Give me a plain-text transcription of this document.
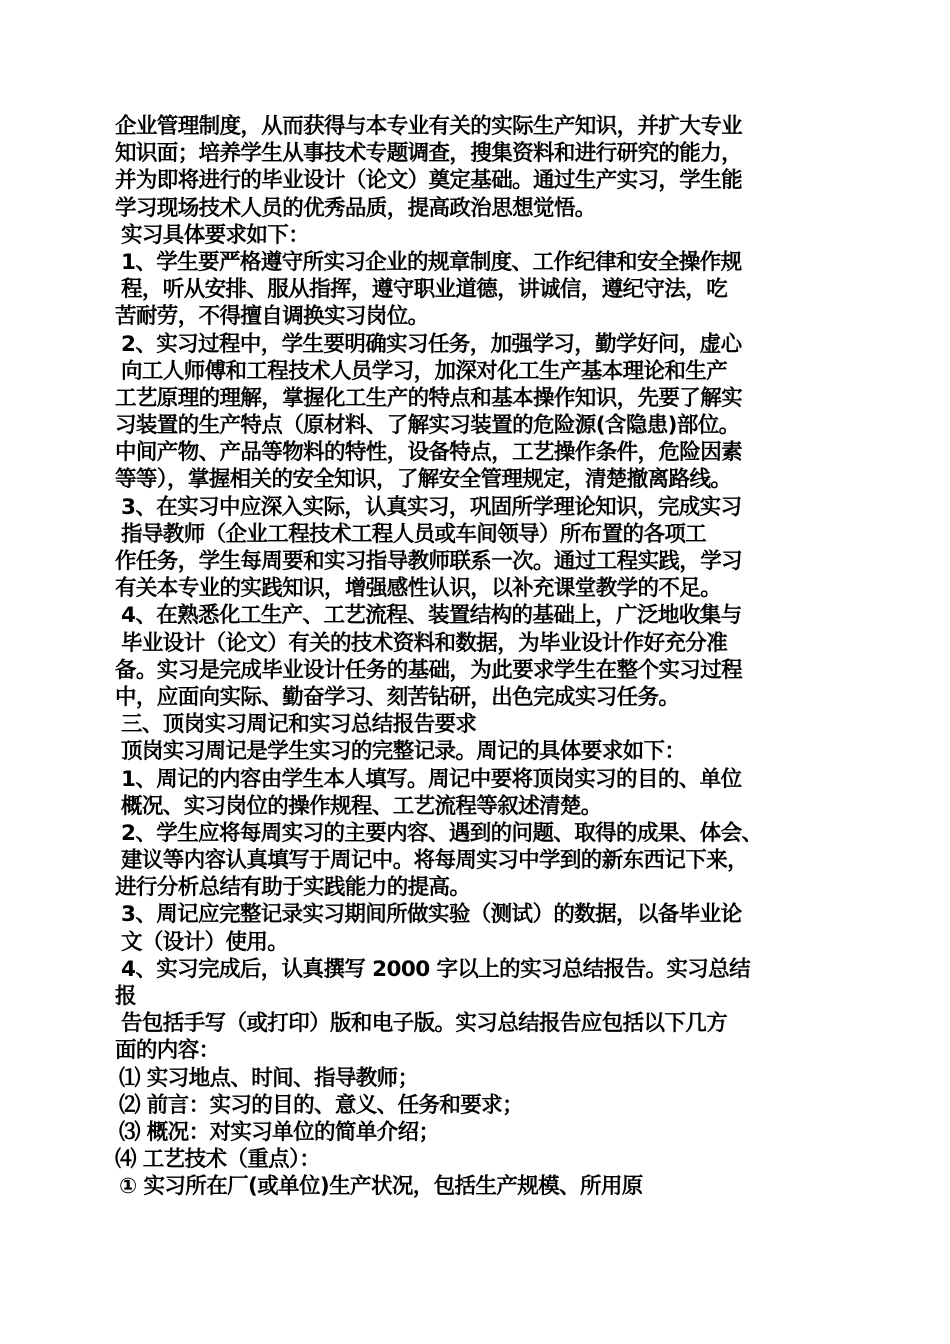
企业管理制度，从而获得与本专业有关的实际生产知识，并扩大专业
知识面；培养学生从事技术专题调查，搜集资料和进行研究的能力，
并为即将进行的毕业设计（论文）奠定基础。通过生产实习，学生能
学习现场技术人员的优秀品质，提高政治思想觉悟。
实习具体要求如下：
1、学生要严格遵守所实习企业的规章制度、工作纪律和安全操作规
程，听从安排、服从指挥，遵守职业道德，讲诚信，遵纪守法，吃
苦耐劳，不得擅自调换实习岗位。
2、实习过程中，学生要明确实习任务，加强学习，勤学好问，虚心
向工人师傅和工程技术人员学习，加深对化工生产基本理论和生产
工艺原理的理解，掌握化工生产的特点和基本操作知识，先要了解实
习装置的生产特点（原材料、了解实习装置的危险源(含隐患)部位。
中间产物、产品等物料的特性，设备特点，工艺操作条件，危险因素
等等），掌握相关的安全知识，了解安全管理规定，清楚撤离路线。
3、在实习中应深入实际，认真实习，巩固所学理论知识，完成实习
指导教师（企业工程技术工程人员或车间领导）所布置的各项工
作任务，学生每周要和实习指导教师联系一次。通过工程实践，学习
有关本专业的实践知识，增强感性认识，以补充课堂教学的不足。
4、在熟悉化工生产、工艺流程、装置结构的基础上，广泛地收集与
毕业设计（论文）有关的技术资料和数据，为毕业设计作好充分准
备。实习是完成毕业设计任务的基础，为此要求学生在整个实习过程
中，应面向实际、勤奋学习、刻苦钻研，出色完成实习任务。
三、顶岗实习周记和实习总结报告要求
顶岗实习周记是学生实习的完整记录。周记的具体要求如下：
1、周记的内容由学生本人填写。周记中要将顶岗实习的目的、单位
概况、实习岗位的操作规程、工艺流程等叙述清楚。
2、学生应将每周实习的主要内容、遇到的问题、取得的成果、体会、
建议等内容认真填写于周记中。将每周实习中学到的新东西记下来，
进行分析总结有助于实践能力的提高。
3、周记应完整记录实习期间所做实验（测试）的数据，以备毕业论
文（设计）使用。
4、实习完成后，认真撰写 2000 字以上的实习总结报告。实习总结
报
告包括手写（或打印）版和电子版。实习总结报告应包括以下几方
面的内容：
⑴ 实习地点、时间、指导教师；
⑵ 前言：实习的目的、意义、任务和要求；
⑶ 概况：对实习单位的简单介绍；
⑷ 工艺技术（重点）：
① 实习所在厂(或单位)生产状况，包括生产规模、所用原
